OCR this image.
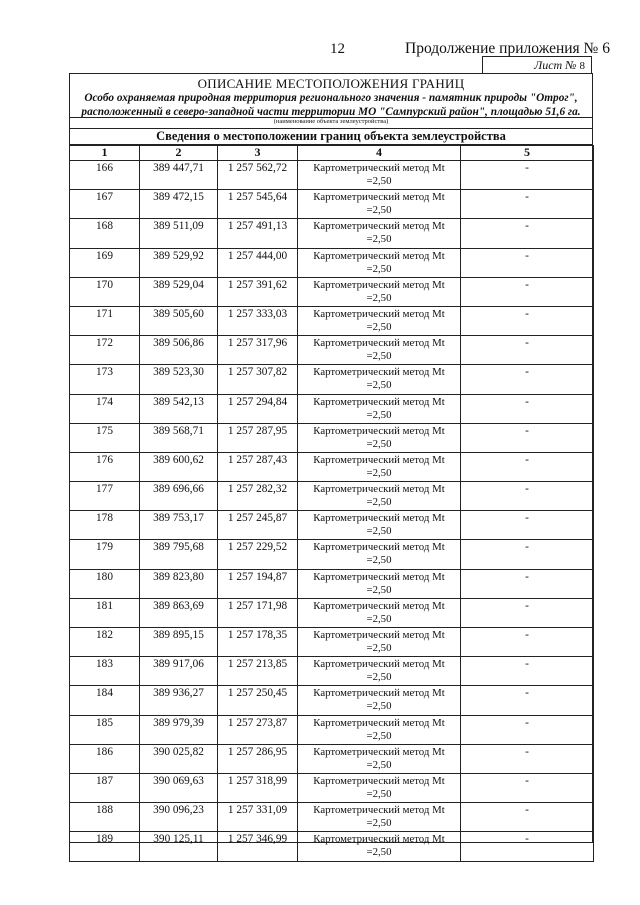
12	Продолжение приложения № 6
Лист № 8
ОПИСАНИЕ МЕСТОПОЛОЖЕНИЯ ГРАНИЦ
Особо охраняемая природная территория регионального значения - памятник природы "Отрог",
расположенный в северо-западной части территории МО "Сампурский район", площадью 51,6 га.
(наименование объекта землеустройства)
Сведения о местоположении границ объекта землеустройства
1	2	3	4	5
166	389 447,71	1 257 562,72	Картометрический метод Mt
=2,50	-
167	389 472,15	1 257 545,64	Картометрический метод Mt
=2,50	-
168	389 511,09	1 257 491,13	Картометрический метод Mt
=2,50	-
169	389 529,92	1 257 444,00	Картометрический метод Mt
=2,50	-
170	389 529,04	1 257 391,62	Картометрический метод Mt
=2,50	-
171	389 505,60	1 257 333,03	Картометрический метод Mt
=2,50	-
172	389 506,86	1 257 317,96	Картометрический метод Mt
=2,50	-
173	389 523,30	1 257 307,82	Картометрический метод Mt
=2,50	-
174	389 542,13	1 257 294,84	Картометрический метод Mt
=2,50	-
175	389 568,71	1 257 287,95	Картометрический метод Mt
=2,50	-
176	389 600,62	1 257 287,43	Картометрический метод Mt
=2,50	-
177	389 696,66	1 257 282,32	Картометрический метод Mt
=2,50	-
178	389 753,17	1 257 245,87	Картометрический метод Mt
=2,50	-
179	389 795,68	1 257 229,52	Картометрический метод Mt
=2,50	-
180	389 823,80	1 257 194,87	Картометрический метод Mt
=2,50	-
181	389 863,69	1 257 171,98	Картометрический метод Mt
=2,50	-
182	389 895,15	1 257 178,35	Картометрический метод Mt
=2,50	-
183	389 917,06	1 257 213,85	Картометрический метод Mt
=2,50	-
184	389 936,27	1 257 250,45	Картометрический метод Mt
=2,50	-
185	389 979,39	1 257 273,87	Картометрический метод Mt
=2,50	-
186	390 025,82	1 257 286,95	Картометрический метод Mt
=2,50	-
187	390 069,63	1 257 318,99	Картометрический метод Mt
=2,50	-
188	390 096,23	1 257 331,09	Картометрический метод Mt
=2,50	-
189	390 125,11	1 257 346,99	Картометрический метод Mt
=2,50	-
